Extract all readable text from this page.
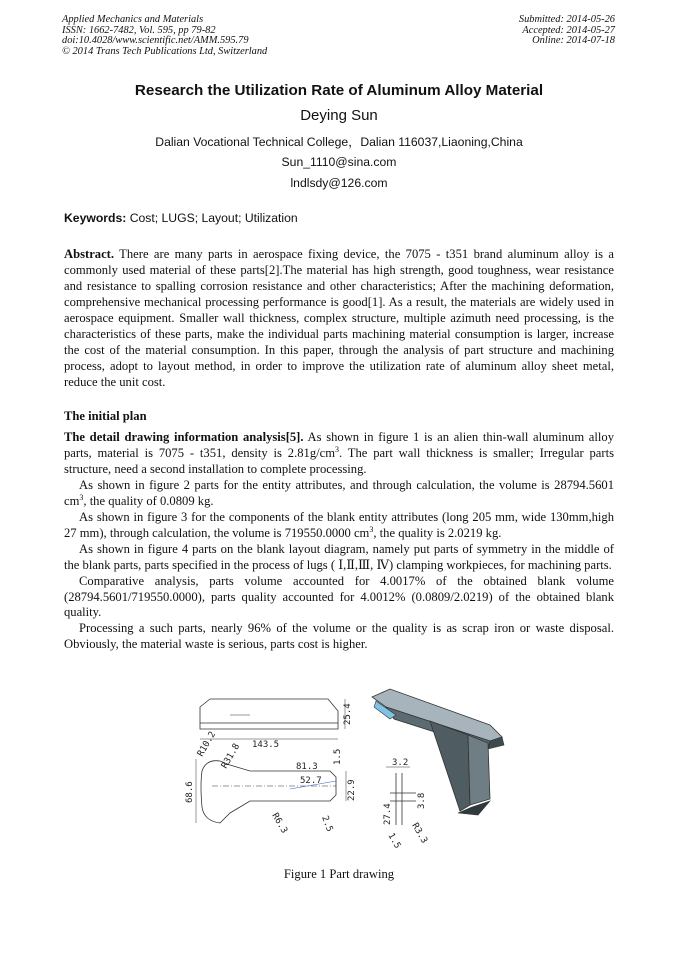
Applied Mechanics and Materials
ISSN: 1662-7482, Vol. 595, pp 79-82
doi:10.4028/www.scientific.net/AMM.595.79
© 2014 Trans Tech Publications Ltd, Switzerland
Submitted: 2014-05-26
Accepted: 2014-05-27
Online: 2014-07-18
Research the Utilization Rate of Aluminum Alloy Material
Deying Sun
Dalian Vocational Technical College，Dalian 116037,Liaoning,China
Sun_1110@sina.com
lndlsdy@126.com
Keywords: Cost; LUGS; Layout; Utilization

Abstract. There are many parts in aerospace fixing device, the 7075 - t351 brand aluminum alloy is a commonly used material of these parts[2].The material has high strength, good toughness, wear resistance and resistance to spalling corrosion resistance and other characteristics; After the machining deformation, comprehensive mechanical processing performance is good[1]. As a result, the materials are widely used in aerospace equipment. Smaller wall thickness, complex structure, multiple azimuth need processing, is the characteristics of these parts, make the individual parts machining material consumption is larger, increase the cost of the material consumption. In this paper, through the analysis of part structure and machining process, adopt to layout method, in order to improve the utilization rate of aluminum alloy sheet metal, reduce the unit cost.

The initial plan

The detail drawing information analysis[5]. As shown in figure 1 is an alien thin-wall aluminum alloy parts, material is 7075 - t351, density is $2.81g/cm^3$. The part wall thickness is smaller; Irregular parts structure, need a second installation to complete processing.

As shown in figure 2 parts for the entity attributes, and through calculation, the volume is 28794.5601 $cm^3$, the quality of 0.0809 kg.

As shown in figure 3 for the components of the blank entity attributes (long 205 mm, wide 130mm,high 27 mm), through calculation, the volume is 719550.0000 $cm^3$, the quality is 2.0219 kg.

As shown in figure 4 parts on the blank layout diagram, namely put parts of symmetry in the middle of the blank parts, parts specified in the process of lugs ( Ⅰ,Ⅱ,Ⅲ, Ⅳ) clamping workpieces, for machining parts.

Comparative analysis, parts volume accounted for 4.0017% of the obtained blank volume (28794.5601/719550.0000), parts quality accounted for 4.0012% (0.0809/2.0219) of the obtained blank quality.

Processing a such parts, nearly 96% of the volume or the quality is as scrap iron or waste disposal. Obviously, the material waste is serious, parts cost is higher.

143.5
25.4
R10.2 R31.8	81.3
1.5
52.7
68.6	22.9
R6.3	2.5
3.2
27.4
3.8
1.5 R3.3
Figure 1 Part drawing
